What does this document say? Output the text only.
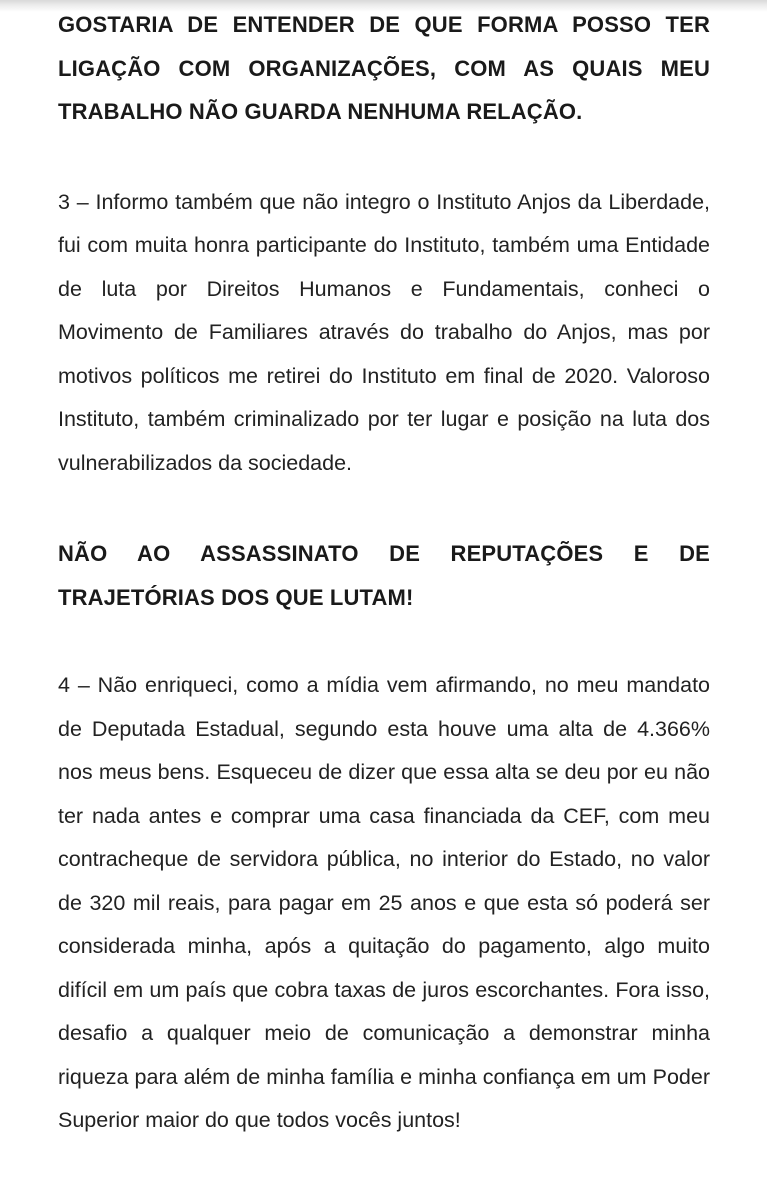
GOSTARIA DE ENTENDER DE QUE FORMA POSSO TER LIGAÇÃO COM ORGANIZAÇÕES, COM AS QUAIS MEU TRABALHO NÃO GUARDA NENHUMA RELAÇÃO.

3 – Informo também que não integro o Instituto Anjos da Liberdade, fui com muita honra participante do Instituto, também uma Entidade de luta por Direitos Humanos e Fundamentais, conheci o Movimento de Familiares através do trabalho do Anjos, mas por motivos políticos me retirei do Instituto em final de 2020. Valoroso Instituto, também criminalizado por ter lugar e posição na luta dos vulnerabilizados da sociedade.

NÃO AO ASSASSINATO DE REPUTAÇÕES E DE TRAJETÓRIAS DOS QUE LUTAM!

4 – Não enriqueci, como a mídia vem afirmando, no meu mandato de Deputada Estadual, segundo esta houve uma alta de 4.366% nos meus bens. Esqueceu de dizer que essa alta se deu por eu não ter nada antes e comprar uma casa financiada da CEF, com meu contracheque de servidora pública, no interior do Estado, no valor de 320 mil reais, para pagar em 25 anos e que esta só poderá ser considerada minha, após a quitação do pagamento, algo muito difícil em um país que cobra taxas de juros escorchantes. Fora isso, desafio a qualquer meio de comunicação a demonstrar minha riqueza para além de minha família e minha confiança em um Poder Superior maior do que todos vocês juntos!
